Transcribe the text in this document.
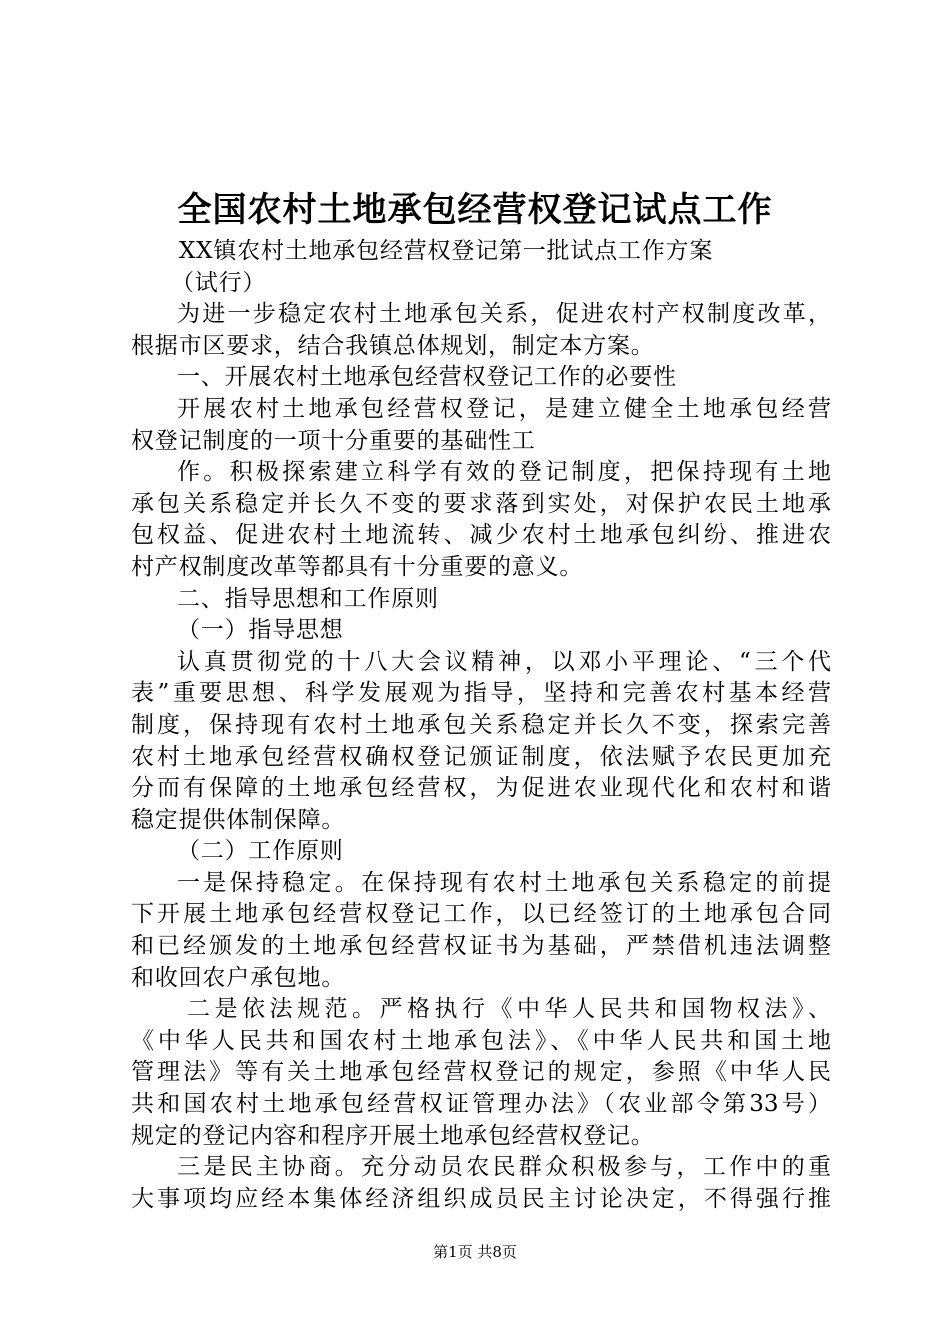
全国农村土地承包经营权登记试点工作
XX镇农村土地承包经营权登记第一批试点工作方案
（试行）
为进一步稳定农村土地承包关系，促进农村产权制度改革，
根据市区要求，结合我镇总体规划，制定本方案。
一、开展农村土地承包经营权登记工作的必要性
开展农村土地承包经营权登记，是建立健全土地承包经营
权登记制度的一项十分重要的基础性工
作。积极探索建立科学有效的登记制度，把保持现有土地
承包关系稳定并长久不变的要求落到实处，对保护农民土地承
包权益、促进农村土地流转、减少农村土地承包纠纷、推进农
村产权制度改革等都具有十分重要的意义。
二、指导思想和工作原则
（一）指导思想
认真贯彻党的十八大会议精神，以邓小平理论、“三个代
表”重要思想、科学发展观为指导，坚持和完善农村基本经营
制度，保持现有农村土地承包关系稳定并长久不变，探索完善
农村土地承包经营权确权登记颁证制度，依法赋予农民更加充
分而有保障的土地承包经营权，为促进农业现代化和农村和谐
稳定提供体制保障。
（二）工作原则
一是保持稳定。在保持现有农村土地承包关系稳定的前提
下开展土地承包经营权登记工作，以已经签订的土地承包合同
和已经颁发的土地承包经营权证书为基础，严禁借机违法调整
和收回农户承包地。
二是依法规范。严格执行《中华人民共和国物权法》、
《中华人民共和国农村土地承包法》、《中华人民共和国土地
管理法》等有关土地承包经营权登记的规定，参照《中华人民
共和国农村土地承包经营权证管理办法》（农业部令第33号）
规定的登记内容和程序开展土地承包经营权登记。
三是民主协商。充分动员农民群众积极参与，工作中的重
大事项均应经本集体经济组织成员民主讨论决定，不得强行推
第1页 共8页
